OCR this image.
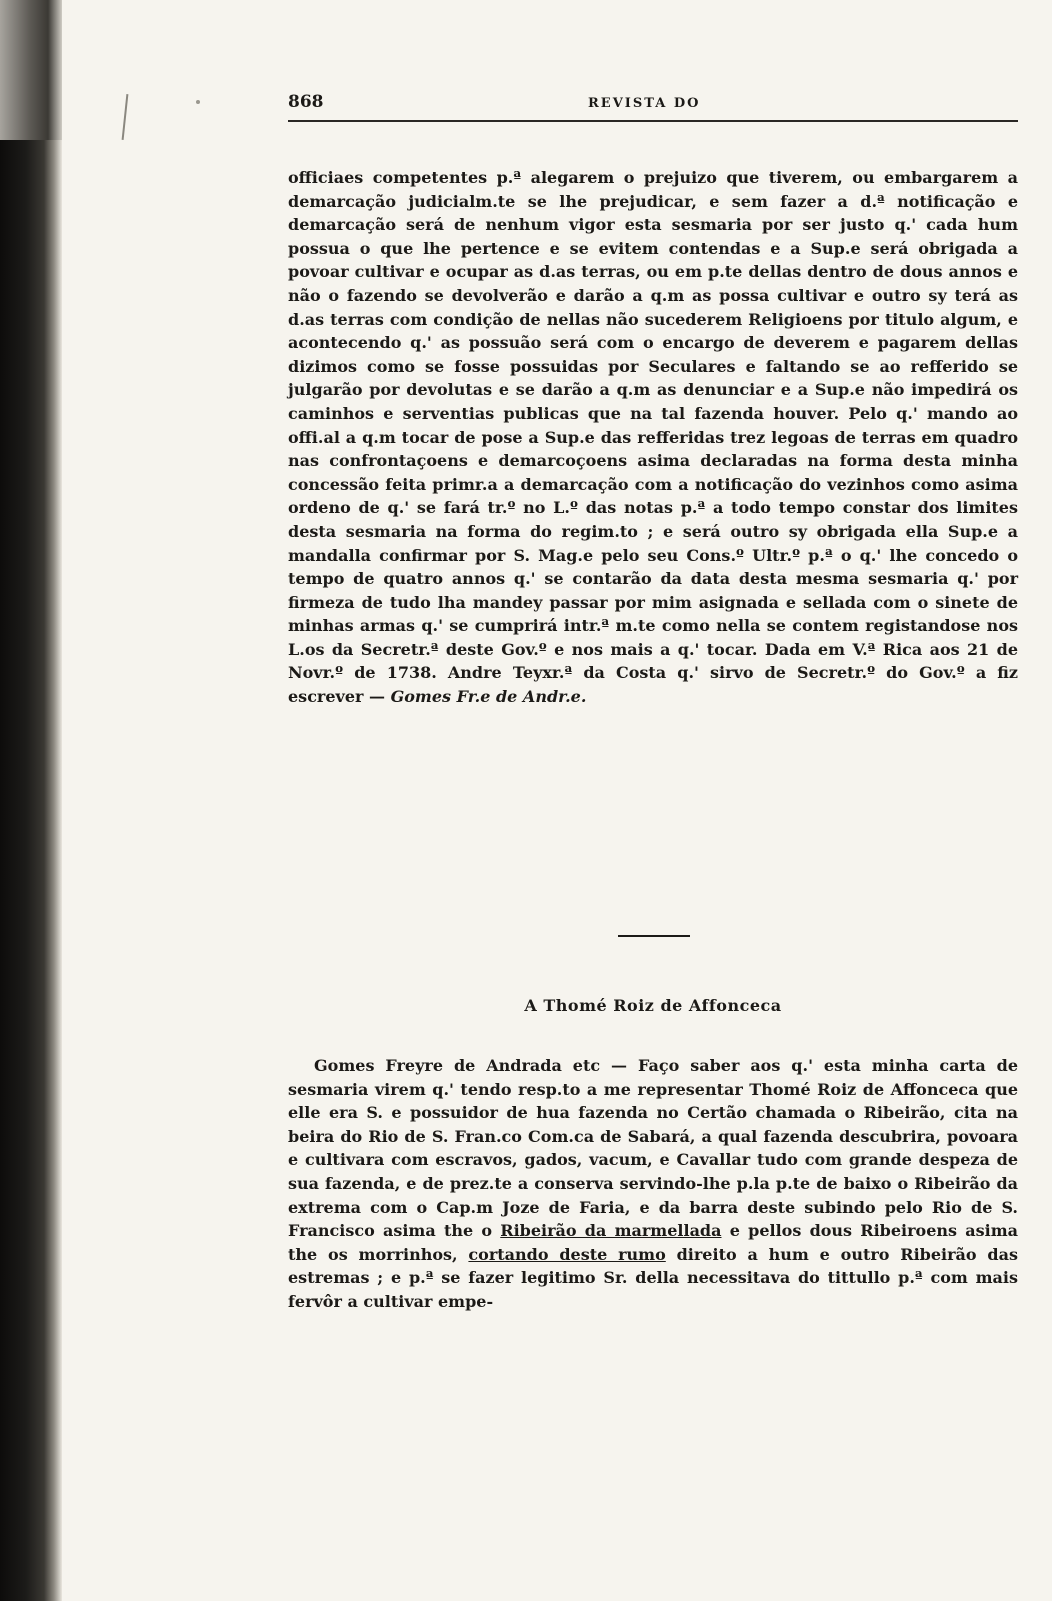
868	REVISTA DO

officiaes competentes p.ª alegarem o prejuizo que tiverem, ou embargarem a demarcação judicialm.te se lhe prejudicar, e sem fazer a d.ª notificação e demarcação será de nenhum vigor esta sesmaria por ser justo q.' cada hum possua o que lhe pertence e se evitem contendas e a Sup.e será obrigada a povoar cultivar e ocupar as d.as terras, ou em p.te dellas dentro de dous annos e não o fazendo se devolverão e darão a q.m as possa cultivar e outro sy terá as d.as terras com condição de nellas não sucederem Religioens por titulo algum, e acontecendo q.' as possuão será com o encargo de deverem e pagarem dellas dizimos como se fosse possuidas por Seculares e faltando se ao refferido se julgarão por devolutas e se darão a q.m as denunciar e a Sup.e não impedirá os caminhos e serventias publicas que na tal fazenda houver. Pelo q.' mando ao offi.al a q.m tocar de pose a Sup.e das refferidas trez legoas de terras em quadro nas confrontaçoens e demarcoçoens asima declaradas na forma desta minha concessão feita primr.a a demarcação com a notificação do vezinhos como asima ordeno de q.' se fará tr.º no L.º das notas p.ª a todo tempo constar dos limites desta sesmaria na forma do regim.to ; e será outro sy obrigada ella Sup.e a mandalla confirmar por S. Mag.e pelo seu Cons.º Ultr.º p.ª o q.' lhe concedo o tempo de quatro annos q.' se contarão da data desta mesma sesmaria q.' por firmeza de tudo lha mandey passar por mim asignada e sellada com o sinete de minhas armas q.' se cumprirá intr.ª m.te como nella se contem registandose nos L.os da Secretr.ª deste Gov.º e nos mais a q.' tocar. Dada em V.ª Rica aos 21 de Novr.º de 1738. Andre Teyxr.ª da Costa q.' sirvo de Secretr.º do Gov.º a fiz escrever — Gomes Fr.e de Andr.e.

A Thomé Roiz de Affonceca

Gomes Freyre de Andrada etc — Faço saber aos q.' esta minha carta de sesmaria virem q.' tendo resp.to a me representar Thomé Roiz de Affonceca que elle era S. e possuidor de hua fazenda no Certão chamada o Ribeirão, cita na beira do Rio de S. Fran.co Com.ca de Sabará, a qual fazenda descubrira, povoara e cultivara com escravos, gados, vacum, e Cavallar tudo com grande despeza de sua fazenda, e de prez.te a conserva servindo-lhe p.la p.te de baixo o Ribeirão da extrema com o Cap.m Joze de Faria, e da barra deste subindo pelo Rio de S. Francisco asima the o Ribeirão da marmellada e pellos dous Ribeiroens asima the os morrinhos, cortando deste rumo direito a hum e outro Ribeirão das estremas ; e p.ª se fazer legitimo Sr. della necessitava do tittullo p.ª com mais fervôr a cultivar empe-
